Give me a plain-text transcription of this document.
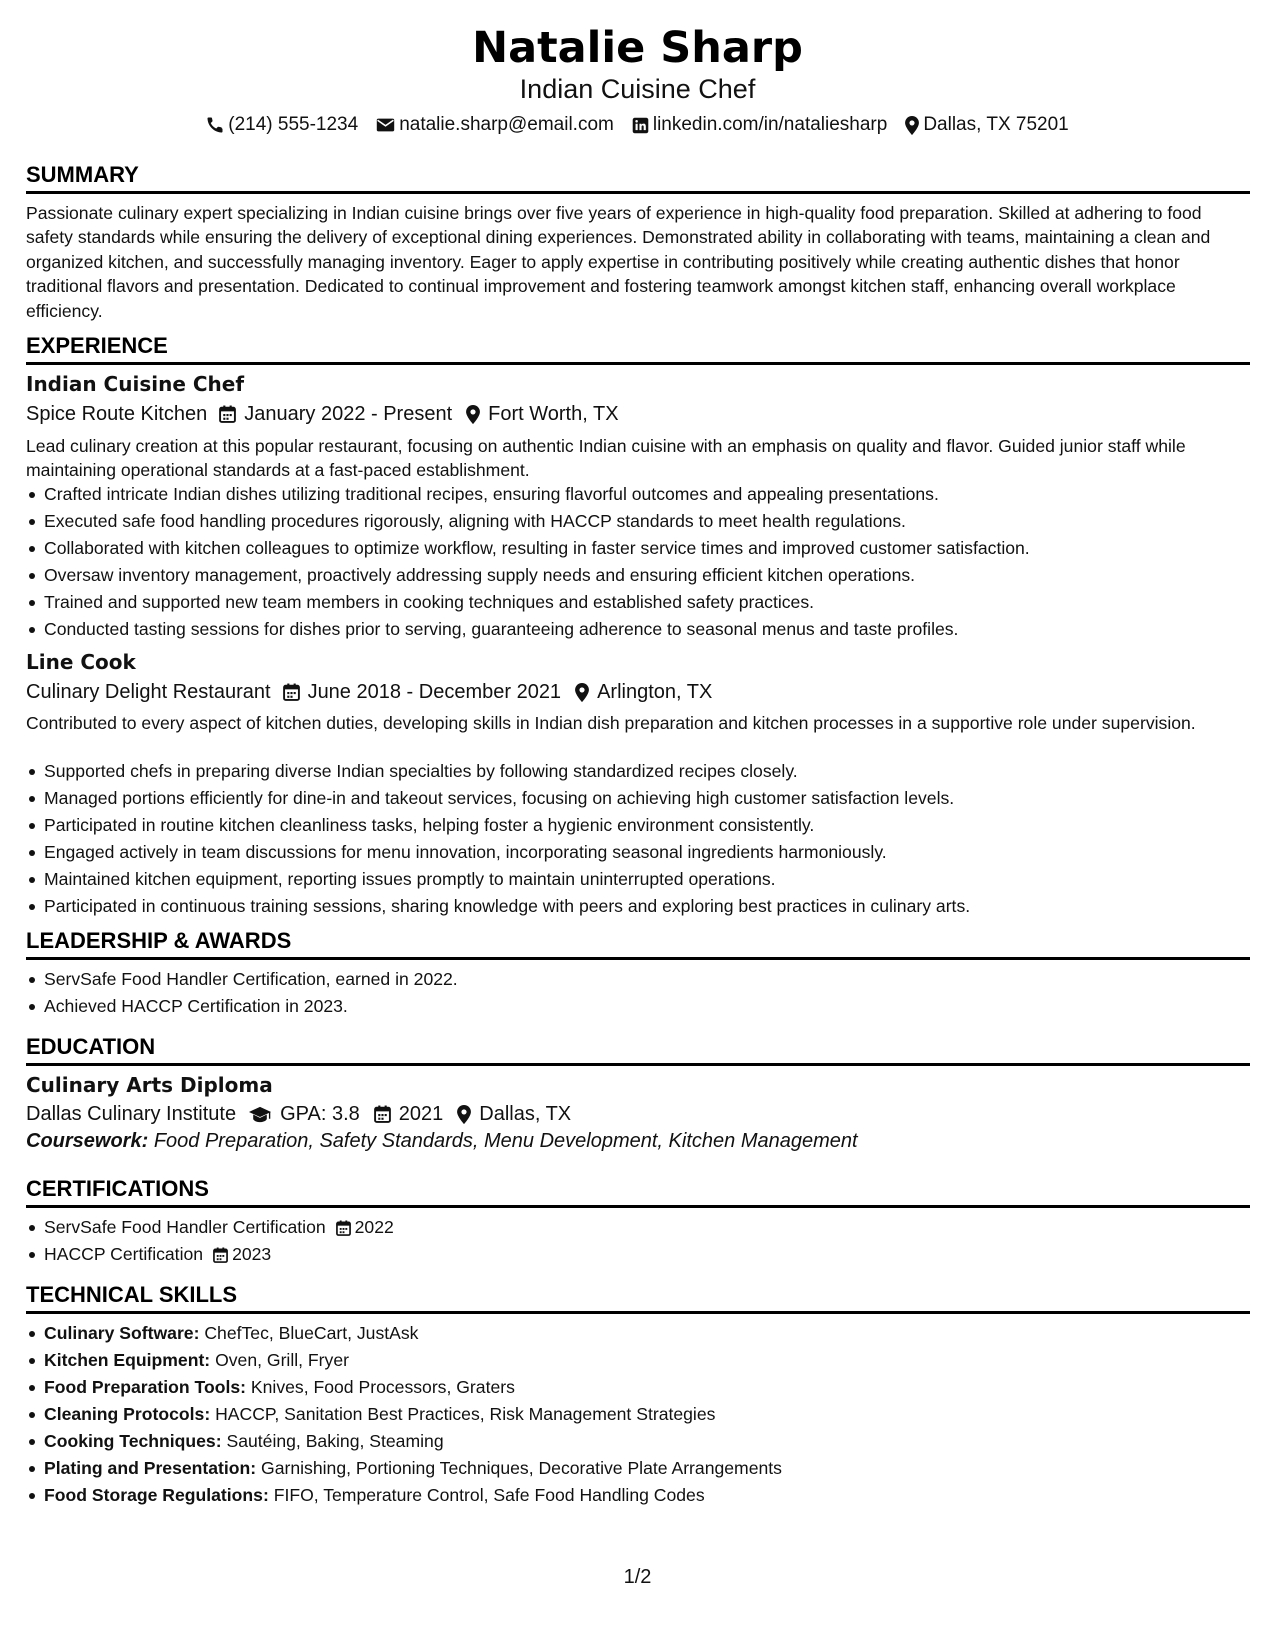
Natalie Sharp
Indian Cuisine Chef
(214) 555-1234 natalie.sharp@email.com linkedin.com/in/nataliesharp Dallas, TX 75201
SUMMARY
Passionate culinary expert specializing in Indian cuisine brings over five years of experience in high-quality food preparation. Skilled at adhering to food safety standards while ensuring the delivery of exceptional dining experiences. Demonstrated ability in collaborating with teams, maintaining a clean and organized kitchen, and successfully managing inventory. Eager to apply expertise in contributing positively while creating authentic dishes that honor traditional flavors and presentation. Dedicated to continual improvement and fostering teamwork amongst kitchen staff, enhancing overall workplace efficiency.
EXPERIENCE
Indian Cuisine Chef
Spice Route Kitchen January 2022 - Present Fort Worth, TX
Lead culinary creation at this popular restaurant, focusing on authentic Indian cuisine with an emphasis on quality and flavor. Guided junior staff while maintaining operational standards at a fast-paced establishment.
Crafted intricate Indian dishes utilizing traditional recipes, ensuring flavorful outcomes and appealing presentations.
Executed safe food handling procedures rigorously, aligning with HACCP standards to meet health regulations.
Collaborated with kitchen colleagues to optimize workflow, resulting in faster service times and improved customer satisfaction.
Oversaw inventory management, proactively addressing supply needs and ensuring efficient kitchen operations.
Trained and supported new team members in cooking techniques and established safety practices.
Conducted tasting sessions for dishes prior to serving, guaranteeing adherence to seasonal menus and taste profiles.
Line Cook
Culinary Delight Restaurant June 2018 - December 2021 Arlington, TX
Contributed to every aspect of kitchen duties, developing skills in Indian dish preparation and kitchen processes in a supportive role under supervision.
Supported chefs in preparing diverse Indian specialties by following standardized recipes closely.
Managed portions efficiently for dine-in and takeout services, focusing on achieving high customer satisfaction levels.
Participated in routine kitchen cleanliness tasks, helping foster a hygienic environment consistently.
Engaged actively in team discussions for menu innovation, incorporating seasonal ingredients harmoniously.
Maintained kitchen equipment, reporting issues promptly to maintain uninterrupted operations.
Participated in continuous training sessions, sharing knowledge with peers and exploring best practices in culinary arts.
LEADERSHIP & AWARDS
ServSafe Food Handler Certification, earned in 2022.
Achieved HACCP Certification in 2023.
EDUCATION
Culinary Arts Diploma
Dallas Culinary Institute GPA: 3.8 2021 Dallas, TX
Coursework: Food Preparation, Safety Standards, Menu Development, Kitchen Management
CERTIFICATIONS
ServSafe Food Handler Certification 2022
HACCP Certification 2023
TECHNICAL SKILLS
Culinary Software: ChefTec, BlueCart, JustAsk
Kitchen Equipment: Oven, Grill, Fryer
Food Preparation Tools: Knives, Food Processors, Graters
Cleaning Protocols: HACCP, Sanitation Best Practices, Risk Management Strategies
Cooking Techniques: Sautéing, Baking, Steaming
Plating and Presentation: Garnishing, Portioning Techniques, Decorative Plate Arrangements
Food Storage Regulations: FIFO, Temperature Control, Safe Food Handling Codes
1/2
